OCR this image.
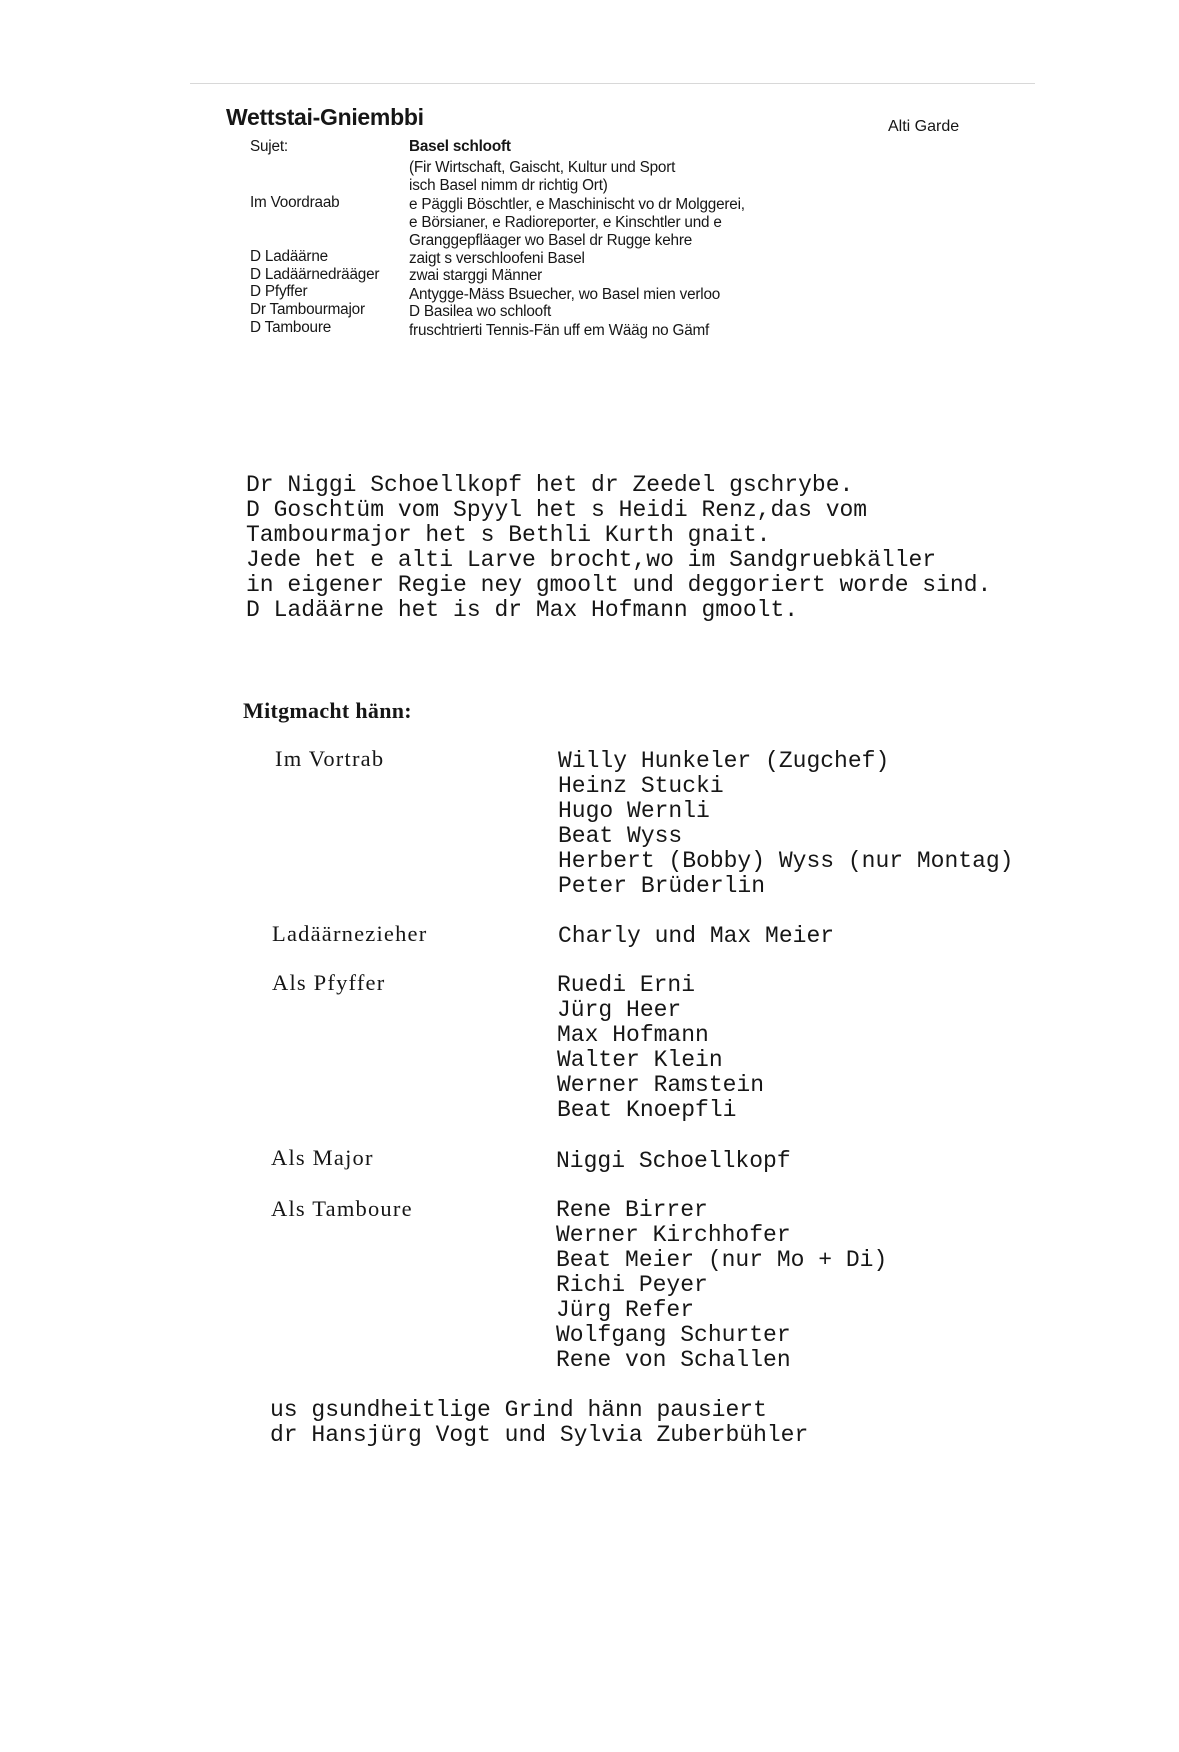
Wettstai-Gniembbi	Alti Garde
Sujet:	Basel schlooft
(Fir Wirtschaft, Gaischt, Kultur und Sport
isch Basel nimm dr richtig Ort)
Im Voordraab	e Päggli Böschtler, e Maschinischt vo dr Molggerei,
e Börsianer, e Radioreporter, e Kinschtler und e
Granggepfläager wo Basel dr Rugge kehre
D Ladäärne	zaigt s verschloofeni Basel
D Ladäärnedrääger zwai starggi Männer
D Pfyffer	Antygge-Mäss Bsuecher, wo Basel mien verloo
Dr Tambourmajor	D Basilea wo schlooft
D Tamboure	fruschtrierti Tennis-Fän uff em Wääg no Gämf
Dr Niggi Schoellkopf het dr Zeedel gschrybe.
D Goschtüm vom Spyyl het s Heidi Renz,das vom
Tambourmajor het s Bethli Kurth gnait.
Jede het e alti Larve brocht,wo im Sandgruebkäller
in eigener Regie ney gmoolt und deggoriert worde sind.
D Ladäärne het is dr Max Hofmann gmoolt.
Mitgmacht hänn:
Im Vortrab	Willy Hunkeler (Zugchef)
Heinz Stucki
Hugo Wernli
Beat Wyss
Herbert (Bobby) Wyss (nur Montag)
Peter Brüderlin
Ladäärnezieher	Charly und Max Meier
Als Pfyffer	Ruedi Erni
Jürg Heer
Max Hofmann
Walter Klein
Werner Ramstein
Beat Knoepfli
Als Major	Niggi Schoellkopf
Als Tamboure	Rene Birrer
Werner Kirchhofer
Beat Meier (nur Mo + Di)
Richi Peyer
Jürg Refer
Wolfgang Schurter
Rene von Schallen
us gsundheitlige Grind hänn pausiert
dr Hansjürg Vogt und Sylvia Zuberbühler
